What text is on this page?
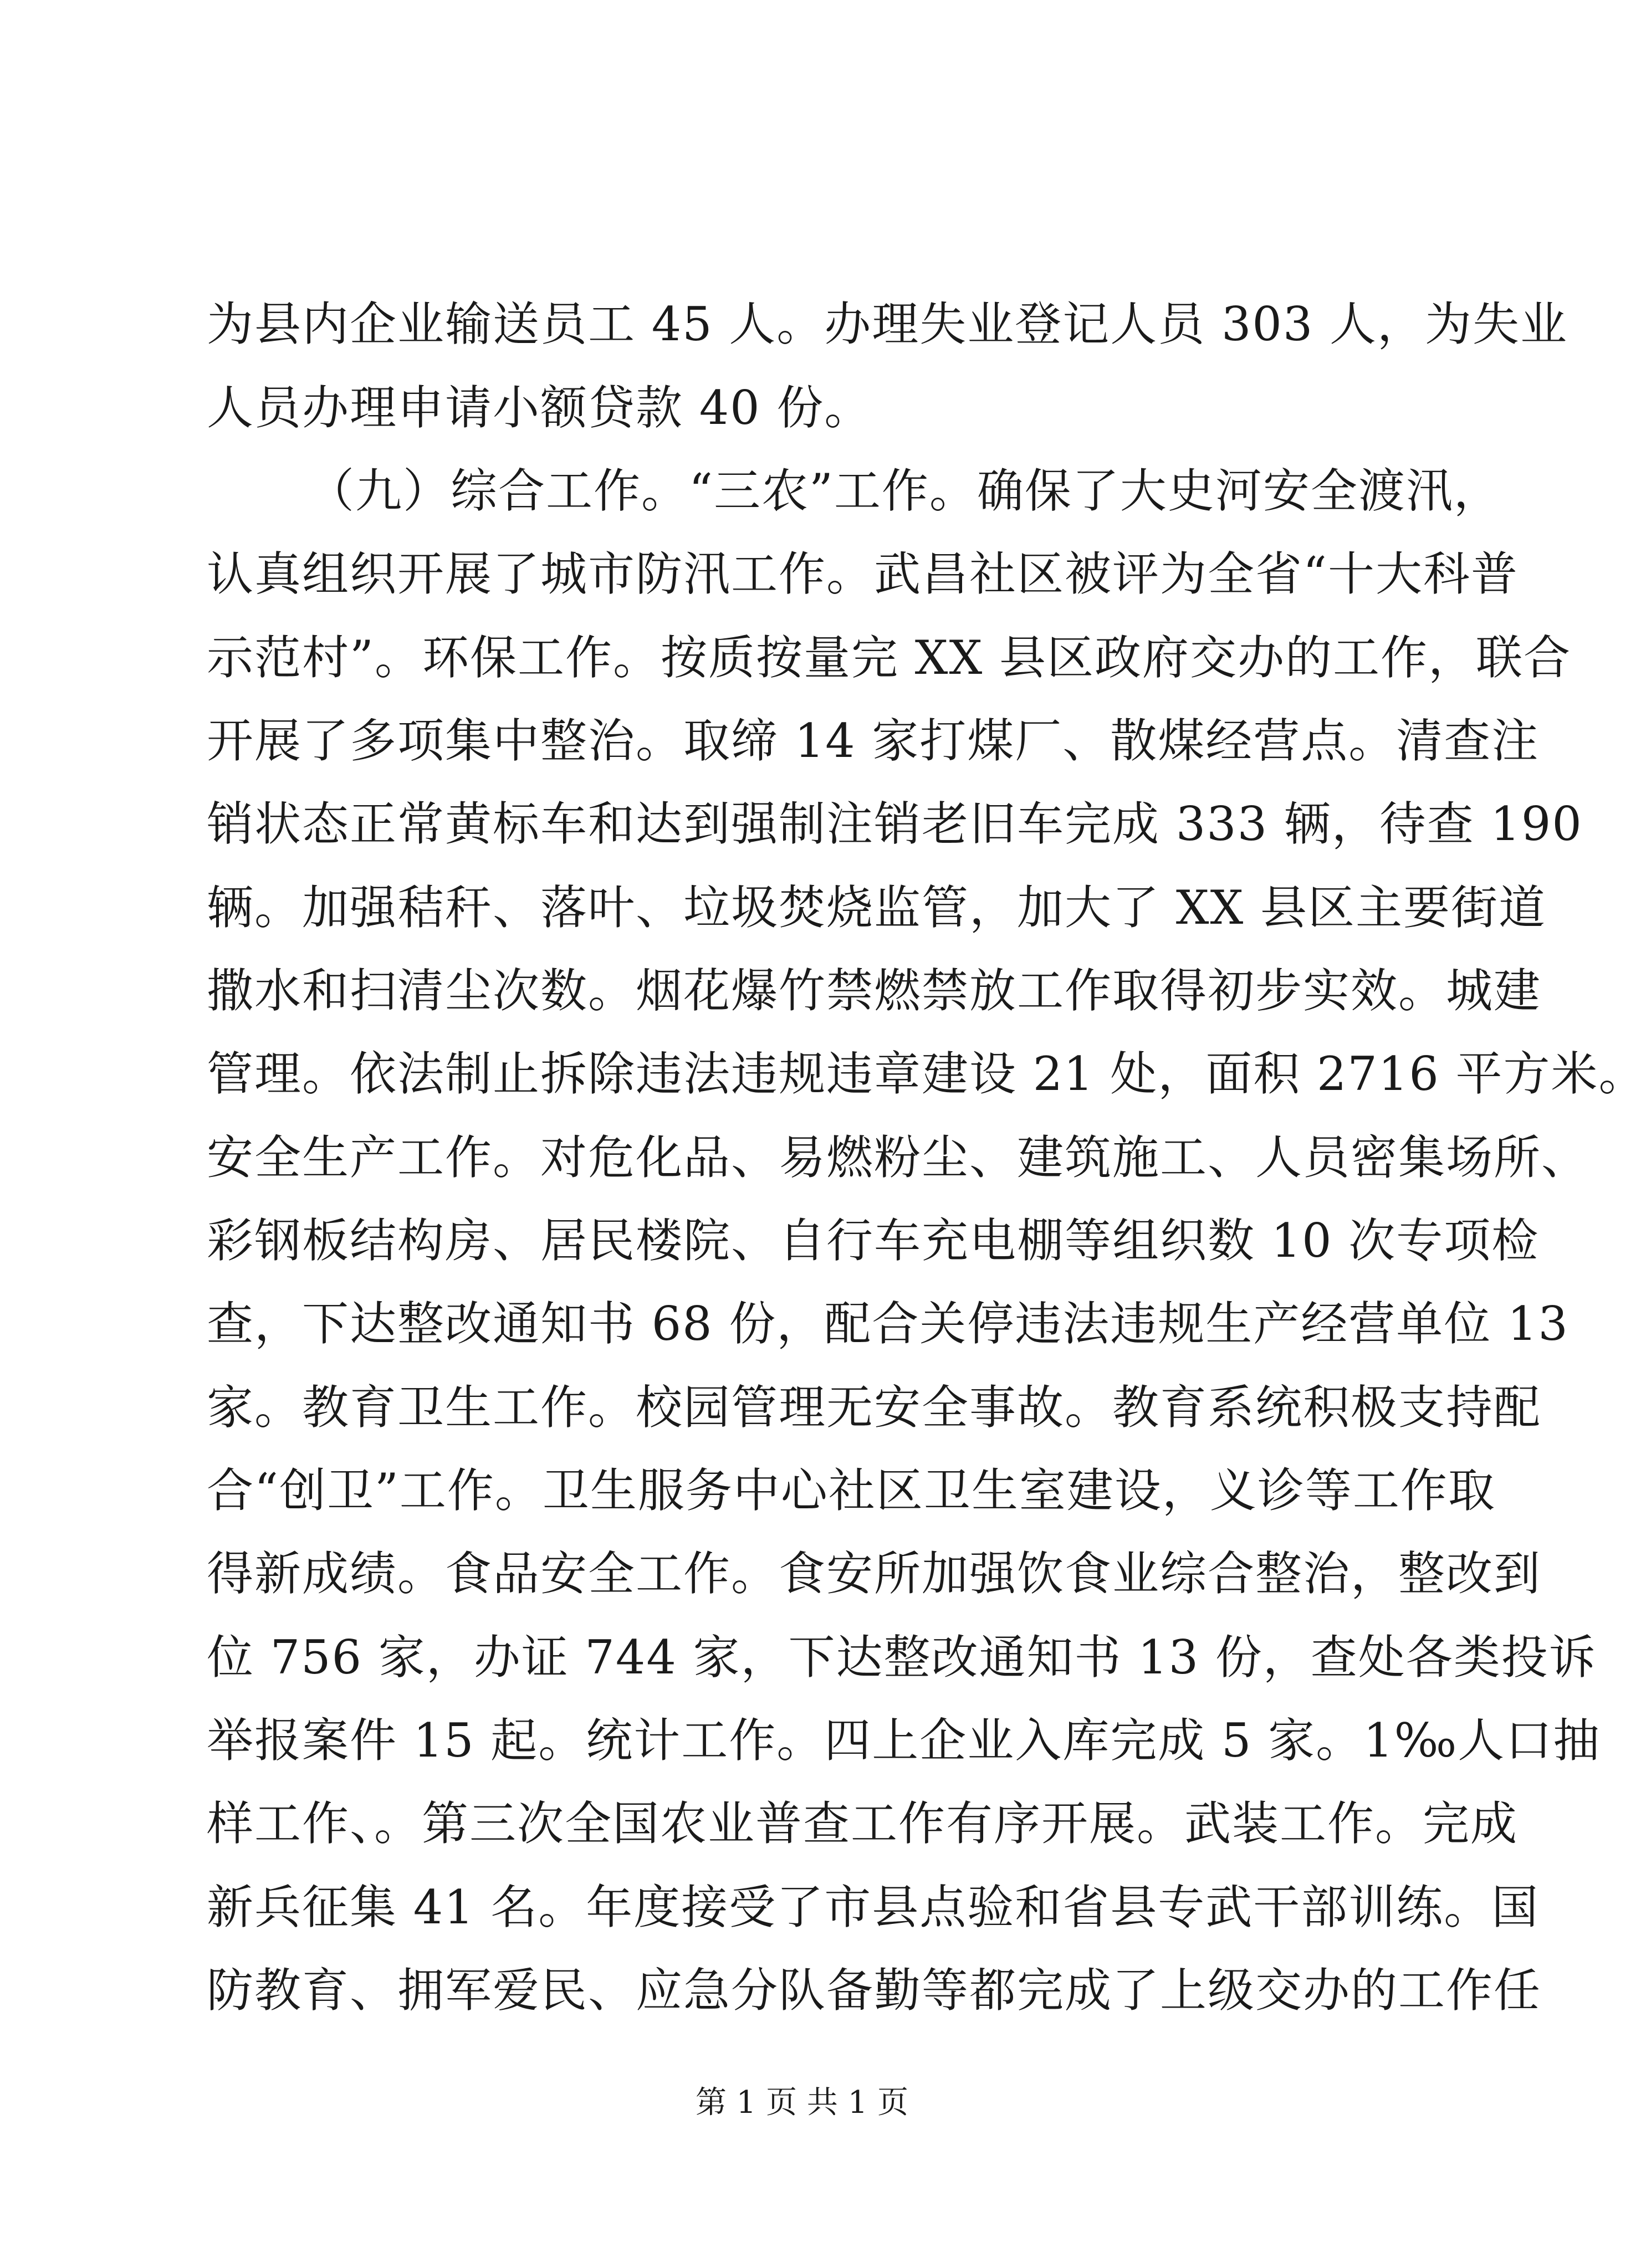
为县内企业输送员工 45 人。办理失业登记人员 303 人，为失业
人员办理申请小额贷款 40 份。
（九）综合工作。“三农”工作。确保了大史河安全渡汛，
认真组织开展了城市防汛工作。武昌社区被评为全省“十大科普
示范村”。环保工作。按质按量完 XX 县区政府交办的工作，联合
开展了多项集中整治。取缔 14 家打煤厂、散煤经营点。清查注
销状态正常黄标车和达到强制注销老旧车完成 333 辆，待查 190
辆。加强秸秆、落叶、垃圾焚烧监管，加大了 XX 县区主要街道
撒水和扫清尘次数。烟花爆竹禁燃禁放工作取得初步实效。城建
管理。依法制止拆除违法违规违章建设 21 处，面积 2716 平方米。
安全生产工作。对危化品、易燃粉尘、建筑施工、人员密集场所、
彩钢板结构房、居民楼院、自行车充电棚等组织数 10 次专项检
查，下达整改通知书 68 份，配合关停违法违规生产经营单位 13
家。教育卫生工作。校园管理无安全事故。教育系统积极支持配
合“创卫”工作。卫生服务中心社区卫生室建设，义诊等工作取
得新成绩。食品安全工作。食安所加强饮食业综合整治，整改到
位 756 家，办证 744 家，下达整改通知书 13 份，查处各类投诉
举报案件 15 起。统计工作。四上企业入库完成 5 家。1‰人口抽
样工作、。第三次全国农业普查工作有序开展。武装工作。完成
新兵征集 41 名。年度接受了市县点验和省县专武干部训练。国
防教育、拥军爱民、应急分队备勤等都完成了上级交办的工作任
第 1 页 共 1 页
